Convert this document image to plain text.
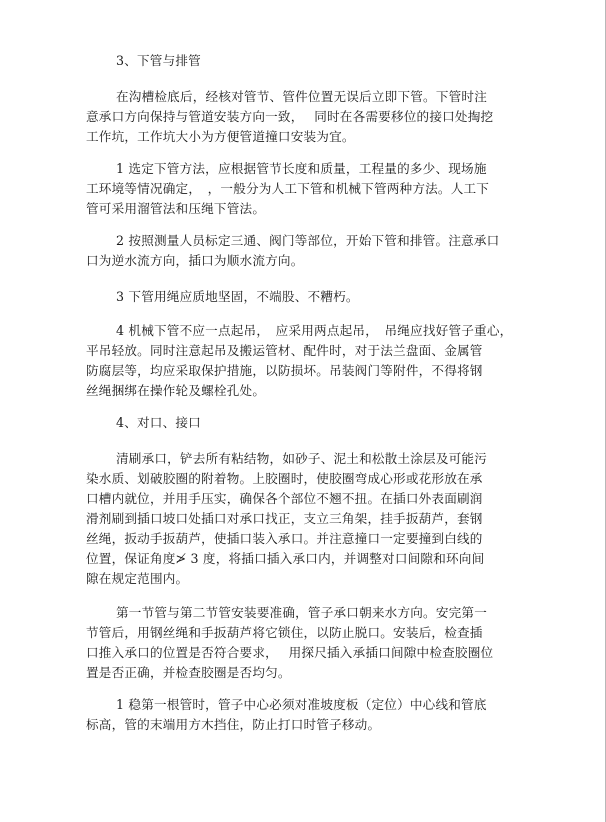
3、下管与排管
在沟槽检底后，经核对管节、管件位置无误后立即下管。下管时注
意承口方向保持与管道安装方向一致，　 同时在各需要移位的接口处掏挖
工作坑，工作坑大小为方便管道撞口安装为宜。
1 选定下管方法，应根据管节长度和质量，工程量的多少、现场施
工环境等情况确定，　，一般分为人工下管和机械下管两种方法。人工下
管可采用溜管法和压绳下管法。
2 按照测量人员标定三通、阀门等部位，开始下管和排管。注意承口
口为逆水流方向，插口为顺水流方向。
3 下管用绳应质地坚固，不端股、不糟朽。
4 机械下管不应一点起吊，　应采用两点起吊，　吊绳应找好管子重心，
平吊轻放。同时注意起吊及搬运管材、配件时，对于法兰盘面、金属管
防腐层等，均应采取保护措施，以防损坏。吊装阀门等附件，不得将钢
丝绳捆绑在操作轮及螺栓孔处。
4、对口、接口
清刷承口，铲去所有粘结物，如砂子、泥土和松散土涂层及可能污
染水质、划破胶圈的附着物。上胶圈时，使胶圈弯成心形或花形放在承
口槽内就位，并用手压实，确保各个部位不翘不扭。在插口外表面刷润
滑剂刷到插口坡口处插口对承口找正，支立三角架，挂手扳葫芦，套钢
丝绳，扳动手扳葫芦，使插口装入承口。并注意撞口一定要撞到白线的
位置，保证角度≯ 3 度，将插口插入承口内，并调整对口间隙和环向间
隙在规定范围内。
第一节管与第二节管安装要准确，管子承口朝来水方向。安完第一
节管后，用钢丝绳和手扳葫芦将它锁住，以防止脱口。安装后，检查插
口推入承口的位置是否符合要求，　 用探尺插入承插口间隙中检查胶圈位
置是否正确，并检查胶圈是否均匀。
1 稳第一根管时，管子中心必须对准坡度板（定位）中心线和管底
标高，管的末端用方木挡住，防止打口时管子移动。
